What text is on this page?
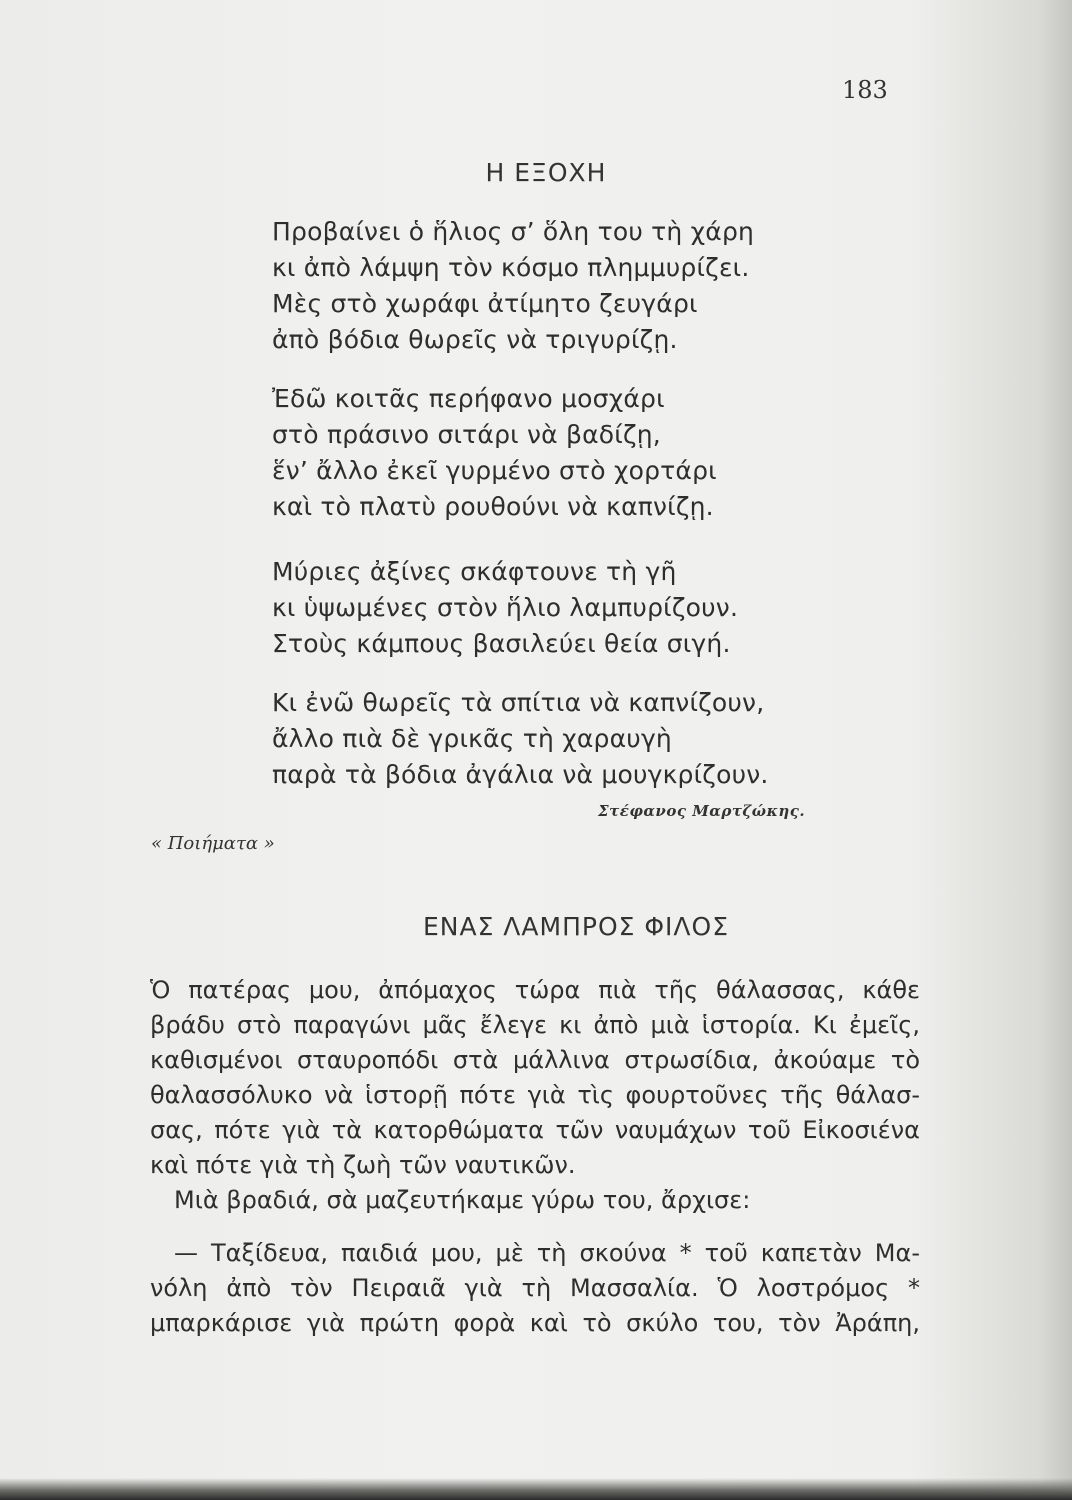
183
Η ΕΞΟΧΗ
Προβαίνει ὁ ἥλιος σ’ ὅλη του τὴ χάρη
κι ἀπὸ λάμψη τὸν κόσμο πλημμυρίζει.
Μὲς στὸ χωράφι ἀτίμητο ζευγάρι
ἀπὸ βόδια θωρεῖς νὰ τριγυρίζῃ.
Ἐδῶ κοιτᾶς περήφανο μοσχάρι
στὸ πράσινο σιτάρι νὰ βαδίζῃ,
ἕν’ ἄλλο ἐκεῖ γυρμένο στὸ χορτάρι
καὶ τὸ πλατὺ ρουθούνι νὰ καπνίζῃ.
Μύριες ἀξίνες σκάφτουνε τὴ γῆ
κι ὑψωμένες στὸν ἥλιο λαμπυρίζουν.
Στοὺς κάμπους βασιλεύει θεία σιγή.
Κι ἐνῶ θωρεῖς τὰ σπίτια νὰ καπνίζουν,
ἄλλο πιὰ δὲ γρικᾶς τὴ χαραυγὴ
παρὰ τὰ βόδια ἀγάλια νὰ μουγκρίζουν.
Στέφανος Μαρτζώκης.
« Ποιήματα »
ΕΝΑΣ ΛΑΜΠΡΟΣ ΦΙΛΟΣ
Ὁ πατέρας μου, ἀπόμαχος τώρα πιὰ τῆς θάλασσας, κάθε
βράδυ στὸ παραγώνι μᾶς ἔλεγε κι ἀπὸ μιὰ ἱστορία. Κι ἐμεῖς,
καθισμένοι σταυροπόδι στὰ μάλλινα στρωσίδια, ἀκούαμε τὸ
θαλασσόλυκο νὰ ἱστορῇ πότε γιὰ τὶς φουρτοῦνες τῆς θάλασ-
σας, πότε γιὰ τὰ κατορθώματα τῶν ναυμάχων τοῦ Εἰκοσιένα
καὶ πότε γιὰ τὴ ζωὴ τῶν ναυτικῶν.
Μιὰ βραδιά, σὰ μαζευτήκαμε γύρω του, ἄρχισε:
— Ταξίδευα, παιδιά μου, μὲ τὴ σκούνα * τοῦ καπετὰν Μα-
νόλη ἀπὸ τὸν Πειραιᾶ γιὰ τὴ Μασσαλία. Ὁ λοστρόμος *
μπαρκάρισε γιὰ πρώτη φορὰ καὶ τὸ σκύλο του, τὸν Ἀράπη,
